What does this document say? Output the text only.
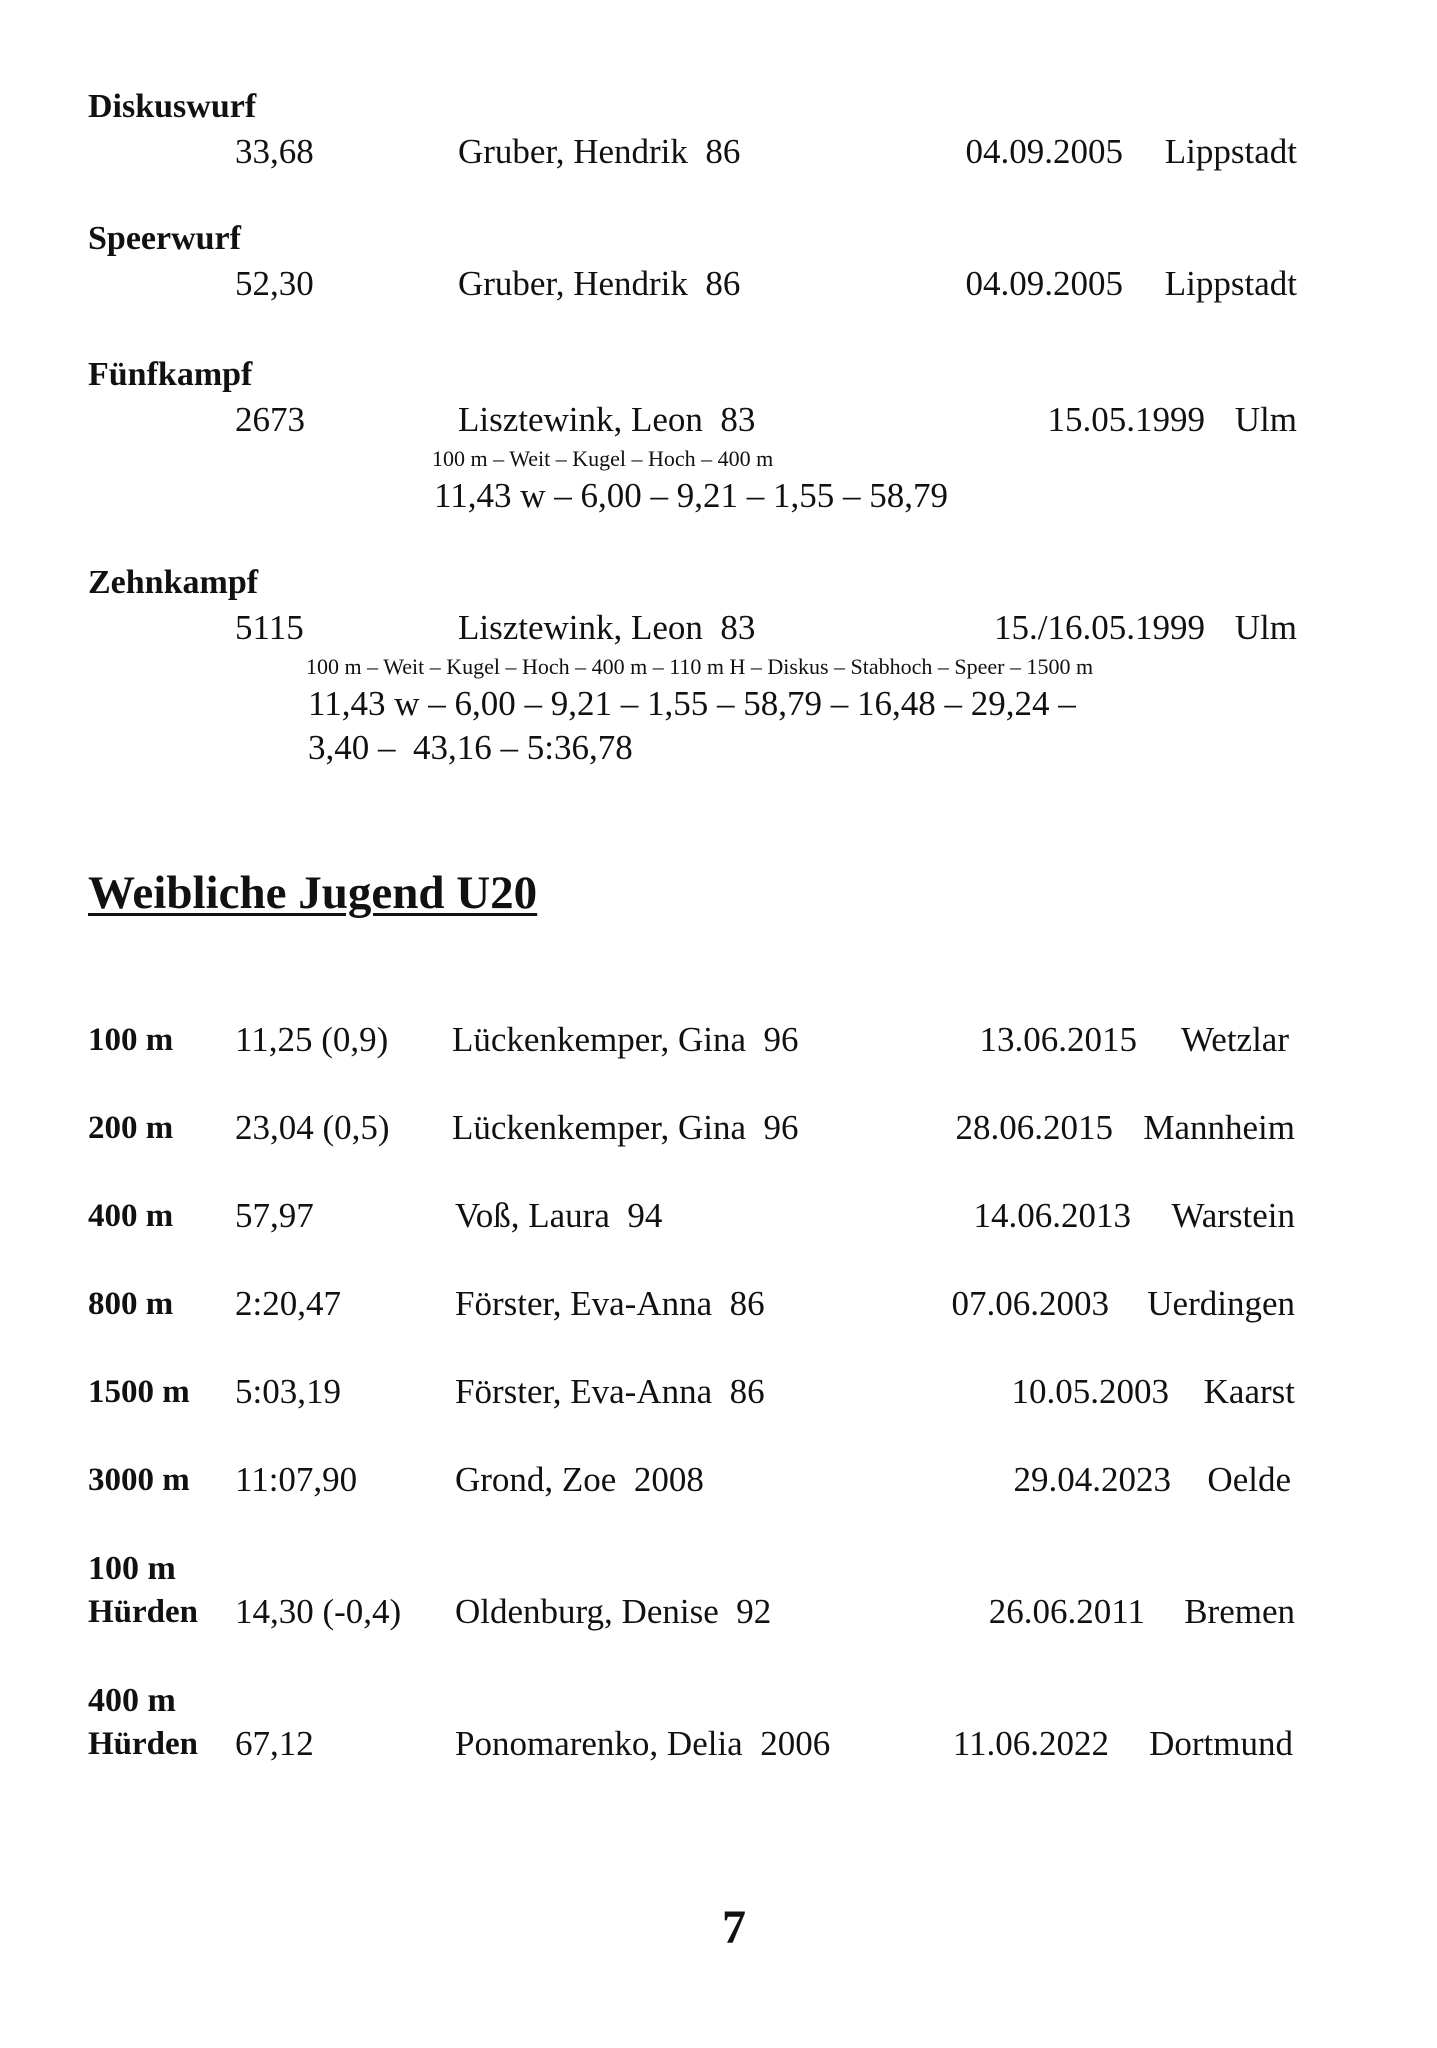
Diskuswurf
33,68	Gruber, Hendrik  86	04.09.2005 Lippstadt
Speerwurf
52,30	Gruber, Hendrik  86	04.09.2005 Lippstadt
Fünfkampf
2673	Lisztewink, Leon  83	15.05.1999 Ulm
100 m – Weit – Kugel – Hoch – 400 m
11,43 w – 6,00 – 9,21 – 1,55 – 58,79
Zehnkampf
5115	Lisztewink, Leon  83	15./16.05.1999 Ulm
100 m – Weit – Kugel – Hoch – 400 m – 110 m H – Diskus – Stabhoch – Speer – 1500 m
11,43 w – 6,00 – 9,21 – 1,55 – 58,79 – 16,48 – 29,24 –
3,40 –  43,16 – 5:36,78
Weibliche Jugend U20
100 m 11,25 (0,9) Lückenkemper, Gina  96	13.06.2015 Wetzlar
200 m 23,04 (0,5) Lückenkemper, Gina  96	28.06.2015 Mannheim
400 m 57,97	Voß, Laura  94	14.06.2013 Warstein
800 m 2:20,47	Förster, Eva-Anna  86	07.06.2003 Uerdingen
1500 m 5:03,19	Förster, Eva-Anna  86	10.05.2003 Kaarst
3000 m 11:07,90	Grond, Zoe  2008	29.04.2023 Oelde
100 m
Hürden 14,30 (-0,4) Oldenburg, Denise  92	26.06.2011 Bremen
400 m
Hürden 67,12	Ponomarenko, Delia  2006	11.06.2022 Dortmund
7
